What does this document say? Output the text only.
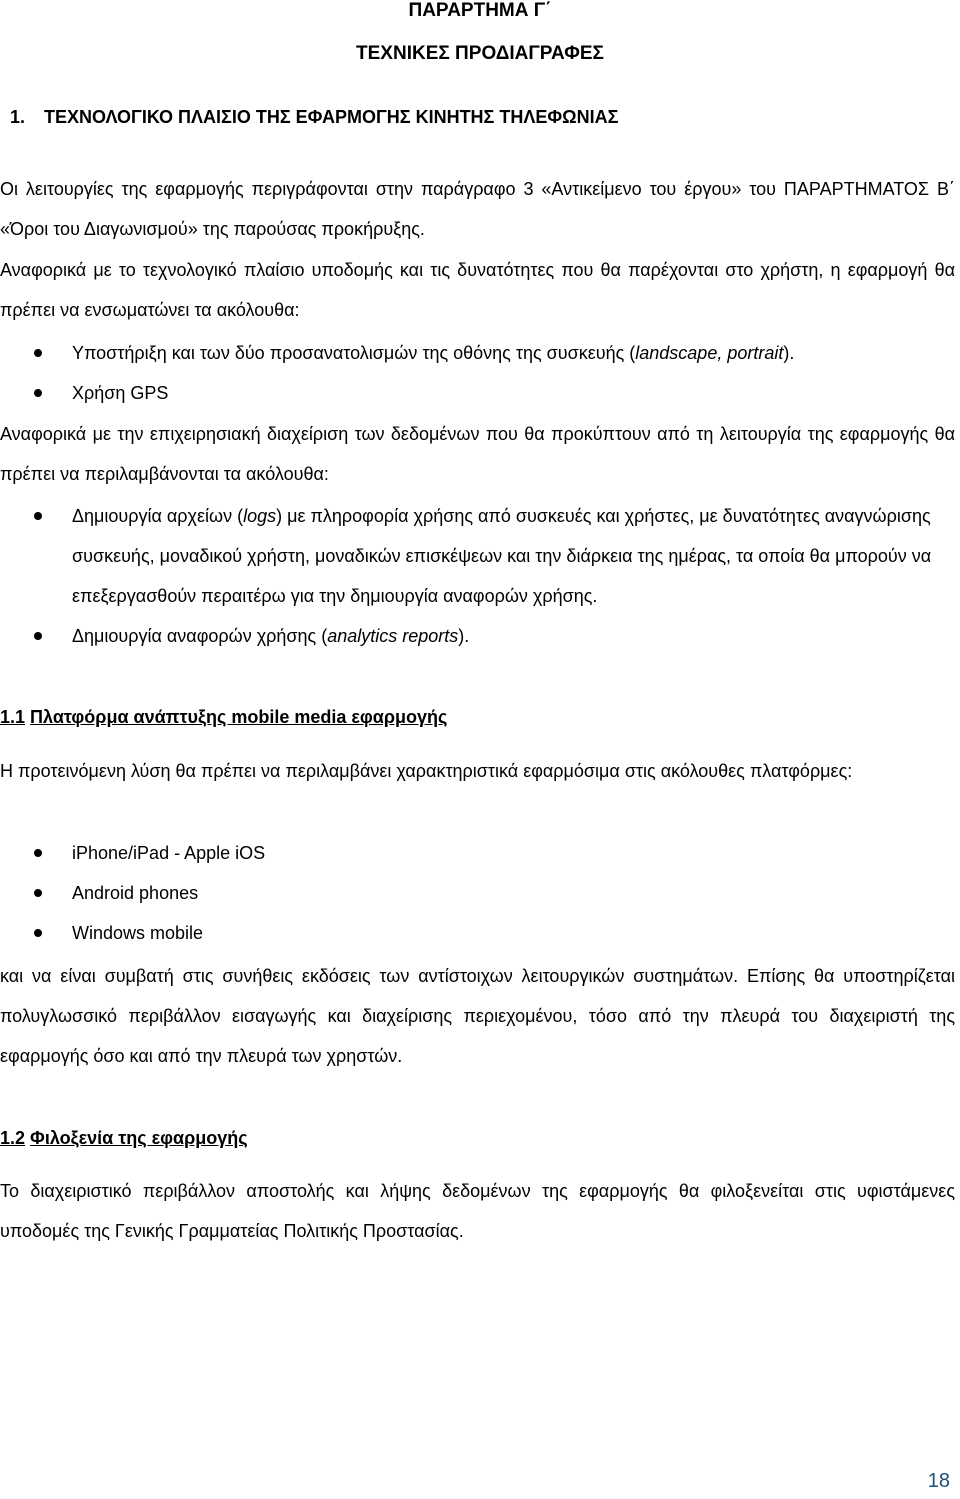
ΠΑΡΑΡΤΗΜΑ Γ΄
ΤΕΧΝΙΚΕΣ ΠΡΟΔΙΑΓΡΑΦΕΣ
1. ΤΕΧΝΟΛΟΓΙΚΟ ΠΛΑΙΣΙΟ ΤΗΣ ΕΦΑΡΜΟΓΗΣ ΚΙΝΗΤΗΣ ΤΗΛΕΦΩΝΙΑΣ

Οι λειτουργίες της εφαρμογής περιγράφονται στην παράγραφο 3 «Αντικείμενο του έργου» του ΠΑΡΑΡΤΗΜΑΤΟΣ Β΄ «Όροι του Διαγωνισμού» της παρούσας προκήρυξης.

Αναφορικά με το τεχνολογικό πλαίσιο υποδομής και τις δυνατότητες που θα παρέχονται στο χρήστη, η εφαρμογή θα πρέπει να ενσωματώνει τα ακόλουθα:

Υποστήριξη και των δύο προσανατολισμών της οθόνης της συσκευής (landscape, portrait).
Χρήση GPS

Αναφορικά με την επιχειρησιακή διαχείριση των δεδομένων που θα προκύπτουν από τη λειτουργία της εφαρμογής θα πρέπει να περιλαμβάνονται τα ακόλουθα:

Δημιουργία αρχείων (logs) με πληροφορία χρήσης από συσκευές και χρήστες, με δυνατότητες αναγνώρισης συσκευής, μοναδικού χρήστη, μοναδικών επισκέψεων και την διάρκεια της ημέρας, τα οποία θα μπορούν να επεξεργασθούν περαιτέρω για την δημιουργία αναφορών χρήσης.
Δημιουργία αναφορών χρήσης (analytics reports).
1.1 Πλατφόρμα ανάπτυξης mobile media εφαρμογής

Η προτεινόμενη λύση θα πρέπει να περιλαμβάνει χαρακτηριστικά εφαρμόσιμα στις ακόλουθες πλατφόρμες:

iPhone/iPad - Apple iOS
Android phones
Windows mobile

και να είναι συμβατή στις συνήθεις εκδόσεις των αντίστοιχων λειτουργικών συστημάτων. Επίσης θα υποστηρίζεται πολυγλωσσικό περιβάλλον εισαγωγής και διαχείρισης περιεχομένου, τόσο από την πλευρά του διαχειριστή της εφαρμογής όσο και από την πλευρά των χρηστών.

1.2 Φιλοξενία της εφαρμογής

Το διαχειριστικό περιβάλλον αποστολής και λήψης δεδομένων της εφαρμογής θα φιλοξενείται στις υφιστάμενες υποδομές της Γενικής Γραμματείας Πολιτικής Προστασίας.

18
